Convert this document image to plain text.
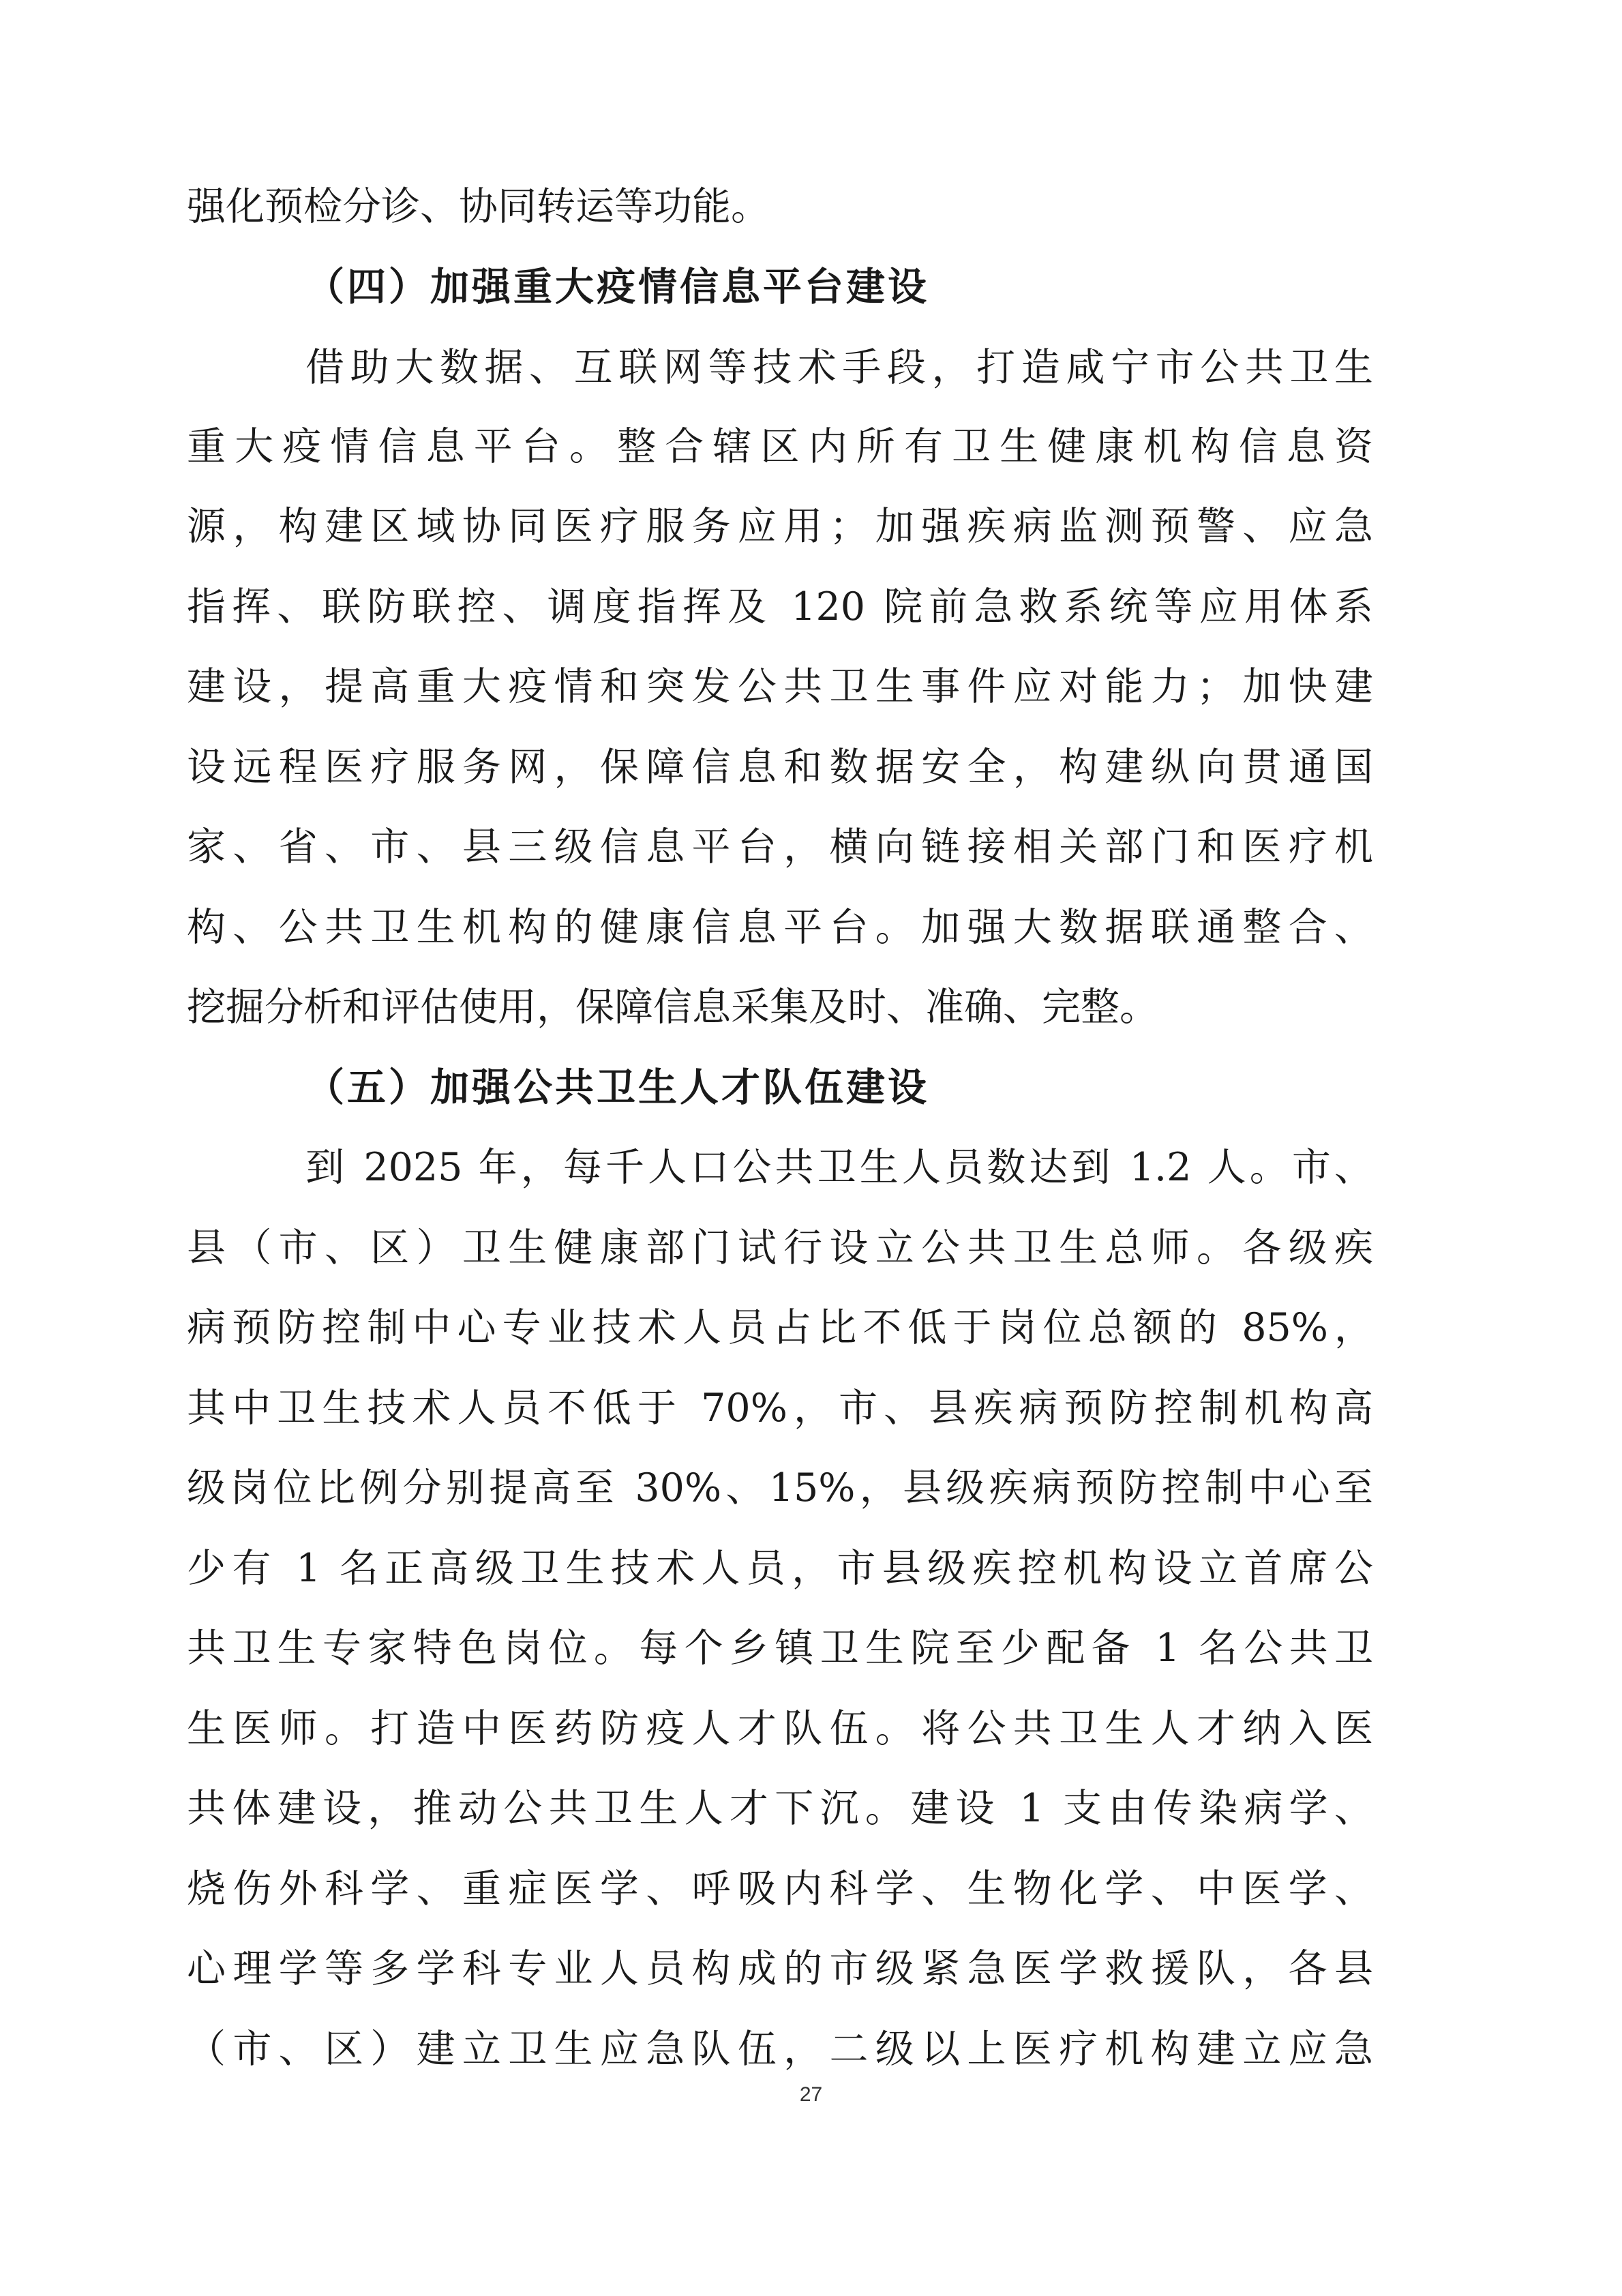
强化预检分诊、协同转运等功能。
（四）加强重大疫情信息平台建设
借助大数据、互联网等技术手段，打造咸宁市公共卫生
重大疫情信息平台。整合辖区内所有卫生健康机构信息资
源，构建区域协同医疗服务应用；加强疾病监测预警、应急
指挥、联防联控、调度指挥及 120 院前急救系统等应用体系
建设，提高重大疫情和突发公共卫生事件应对能力；加快建
设远程医疗服务网，保障信息和数据安全，构建纵向贯通国
家、省、市、县三级信息平台，横向链接相关部门和医疗机
构、公共卫生机构的健康信息平台。加强大数据联通整合、
挖掘分析和评估使用，保障信息采集及时、准确、完整。
（五）加强公共卫生人才队伍建设
到 2025 年，每千人口公共卫生人员数达到 1.2 人。市、
县（市、区）卫生健康部门试行设立公共卫生总师。各级疾
病预防控制中心专业技术人员占比不低于岗位总额的 85%，
其中卫生技术人员不低于 70%，市、县疾病预防控制机构高
级岗位比例分别提高至 30%、15%，县级疾病预防控制中心至
少有 1 名正高级卫生技术人员，市县级疾控机构设立首席公
共卫生专家特色岗位。每个乡镇卫生院至少配备 1 名公共卫
生医师。打造中医药防疫人才队伍。将公共卫生人才纳入医
共体建设，推动公共卫生人才下沉。建设 1 支由传染病学、
烧伤外科学、重症医学、呼吸内科学、生物化学、中医学、
心理学等多学科专业人员构成的市级紧急医学救援队，各县
（市、区）建立卫生应急队伍，二级以上医疗机构建立应急
27
